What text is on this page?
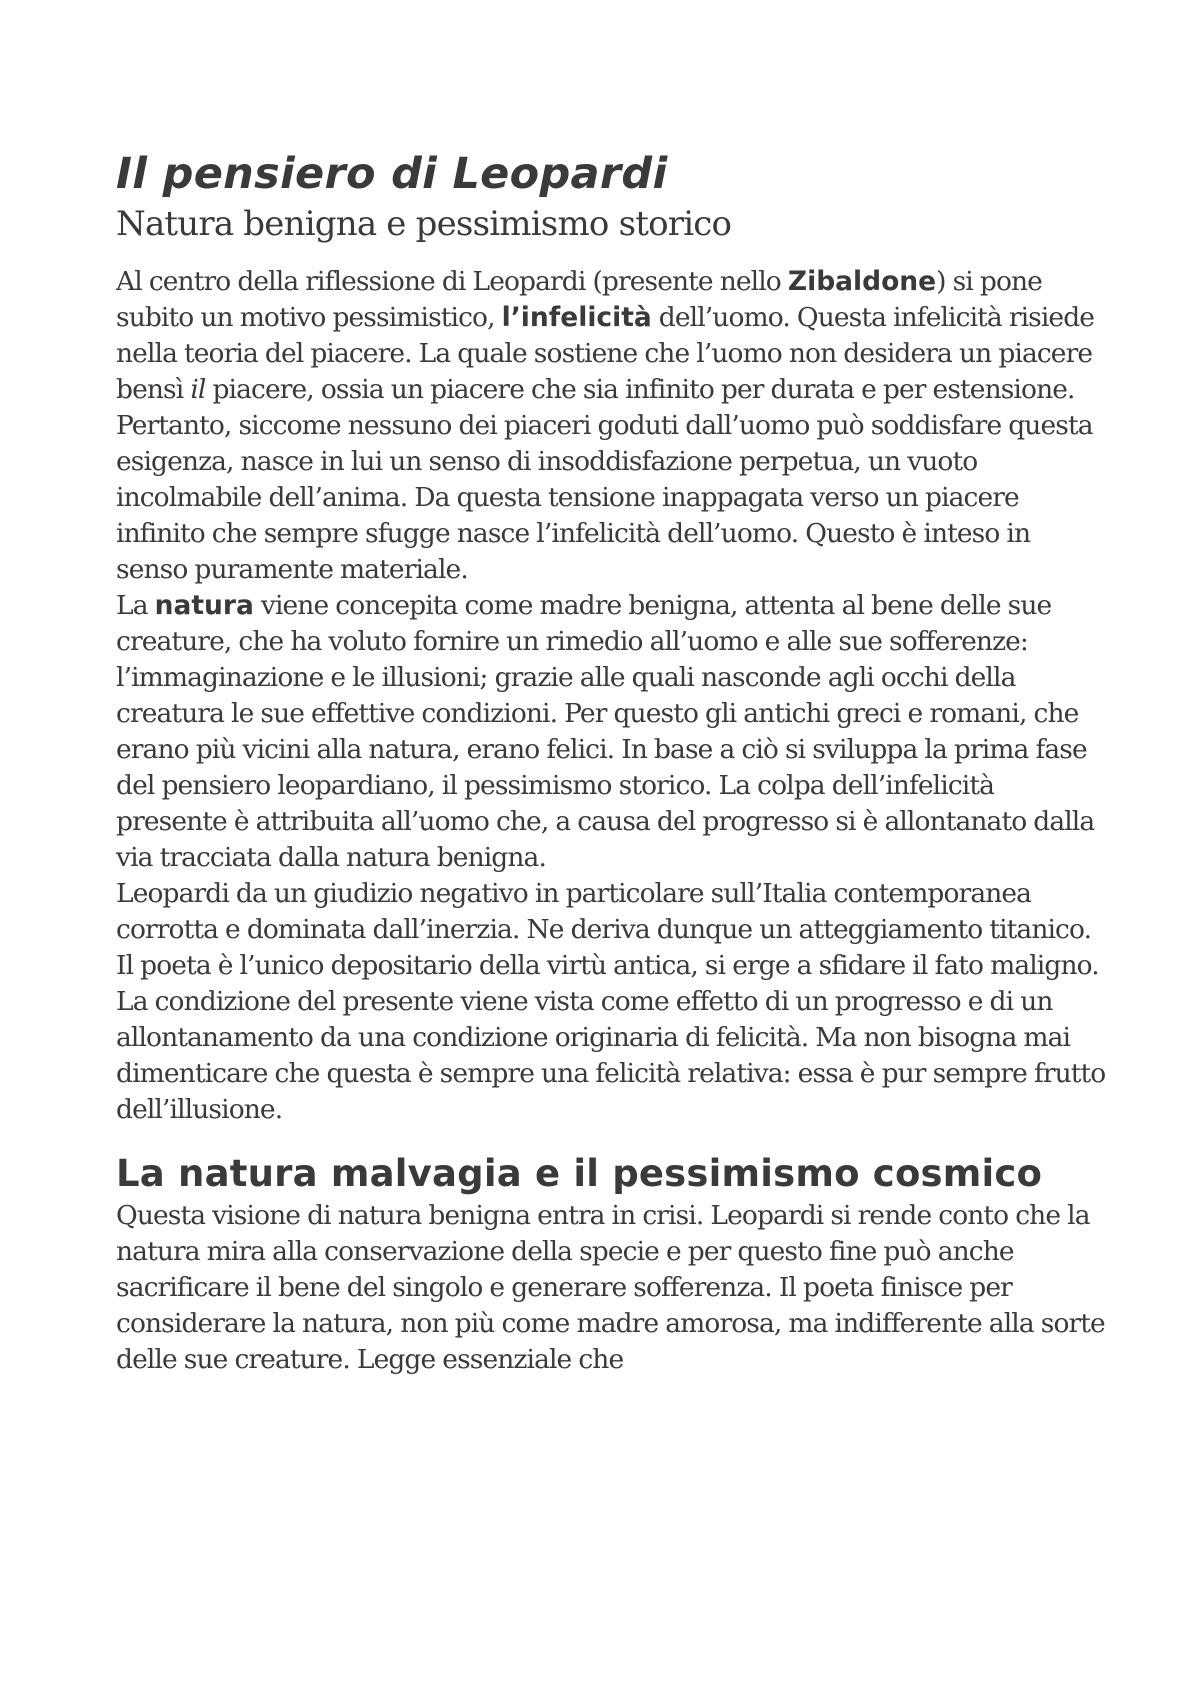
Il pensiero di Leopardi
Natura benigna e pessimismo storico

Al centro della riflessione di Leopardi (presente nello Zibaldone) si pone subito un motivo pessimistico, l’infelicità dell’uomo. Questa infelicità risiede nella teoria del piacere. La quale sostiene che l’uomo non desidera un piacere bensì il piacere, ossia un piacere che sia infinito per durata e per estensione. Pertanto, siccome nessuno dei piaceri goduti dall’uomo può soddisfare questa esigenza, nasce in lui un senso di insoddisfazione perpetua, un vuoto incolmabile dell’anima. Da questa tensione inappagata verso un piacere infinito che sempre sfugge nasce l’infelicità dell’uomo. Questo è inteso in senso puramente materiale.

La natura viene concepita come madre benigna, attenta al bene delle sue creature, che ha voluto fornire un rimedio all’uomo e alle sue sofferenze: l’immaginazione e le illusioni; grazie alle quali nasconde agli occhi della creatura le sue effettive condizioni. Per questo gli antichi greci e romani, che erano più vicini alla natura, erano felici. In base a ciò si sviluppa la prima fase del pensiero leopardiano, il pessimismo storico. La colpa dell’infelicità presente è attribuita all’uomo che, a causa del progresso si è allontanato dalla via tracciata dalla natura benigna.

Leopardi da un giudizio negativo in particolare sull’Italia contemporanea corrotta e dominata dall’inerzia. Ne deriva dunque un atteggiamento titanico. Il poeta è l’unico depositario della virtù antica, si erge a sfidare il fato maligno. La condizione del presente viene vista come effetto di un progresso e di un allontanamento da una condizione originaria di felicità. Ma non bisogna mai dimenticare che questa è sempre una felicità relativa: essa è pur sempre frutto dell’illusione.

La natura malvagia e il pessimismo cosmico

Questa visione di natura benigna entra in crisi. Leopardi si rende conto che la natura mira alla conservazione della specie e per questo fine può anche sacrificare il bene del singolo e generare sofferenza. Il poeta finisce per considerare la natura, non più come madre amorosa, ma indifferente alla sorte delle sue creature. Legge essenziale che
